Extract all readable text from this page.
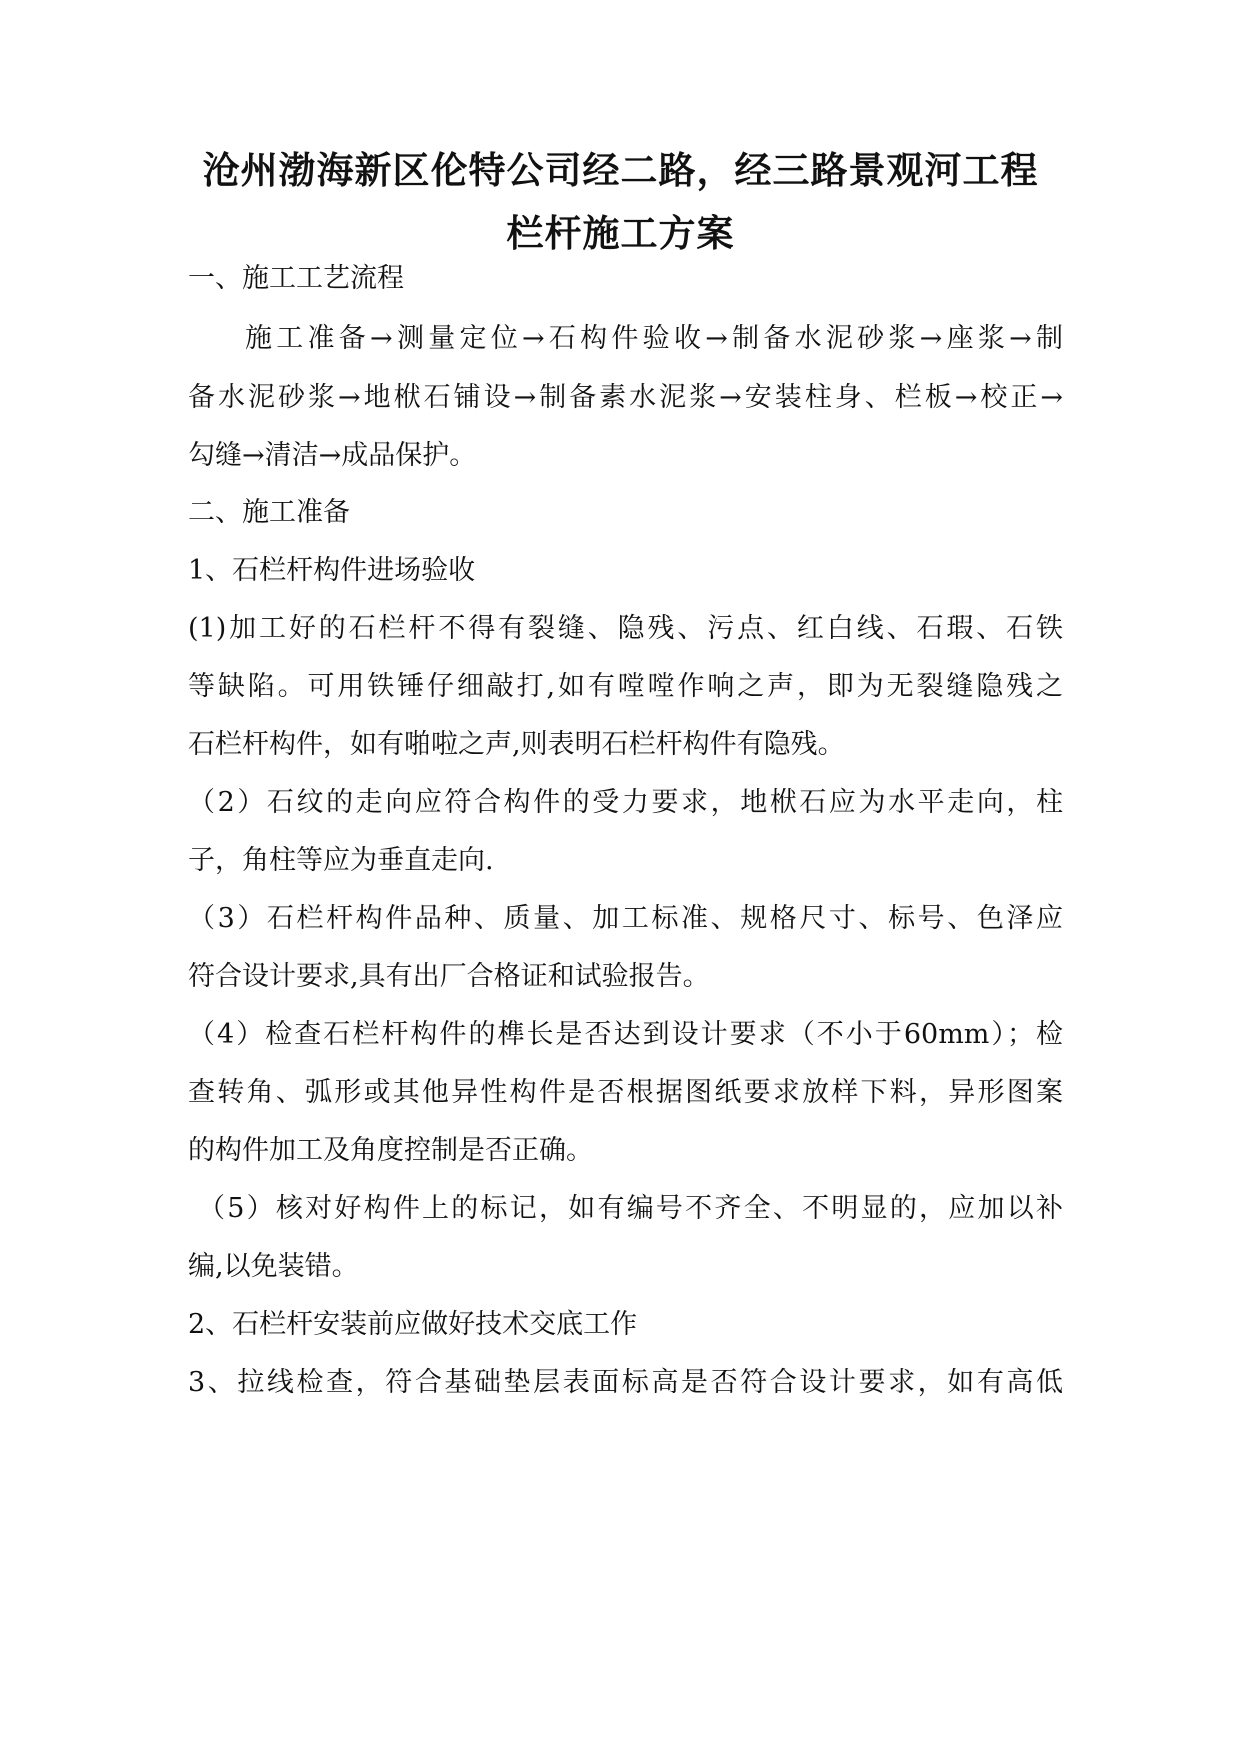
沧州渤海新区伦特公司经二路，经三路景观河工程
栏杆施工方案
一、施工工艺流程
施工准备→测量定位→石构件验收→制备水泥砂浆→座浆→制
备水泥砂浆→地栿石铺设→制备素水泥浆→安装柱身、栏板→校正→
勾缝→清洁→成品保护。
二、施工准备
1、石栏杆构件进场验收
(1)加工好的石栏杆不得有裂缝、隐残、污点、红白线、石瑕、石铁
等缺陷。可用铁锤仔细敲打,如有嘡嘡作响之声，即为无裂缝隐残之
石栏杆构件，如有啪啦之声,则表明石栏杆构件有隐残。
（2）石纹的走向应符合构件的受力要求，地栿石应为水平走向，柱
子，角柱等应为垂直走向.
（3）石栏杆构件品种、质量、加工标准、规格尺寸、标号、色泽应
符合设计要求,具有出厂合格证和试验报告。
（4）检查石栏杆构件的榫长是否达到设计要求（不小于60mm）；检
查转角、弧形或其他异性构件是否根据图纸要求放样下料，异形图案
的构件加工及角度控制是否正确。
（5）核对好构件上的标记，如有编号不齐全、不明显的，应加以补
编,以免装错。
2、石栏杆安装前应做好技术交底工作
3、拉线检查，符合基础垫层表面标高是否符合设计要求，如有高低
